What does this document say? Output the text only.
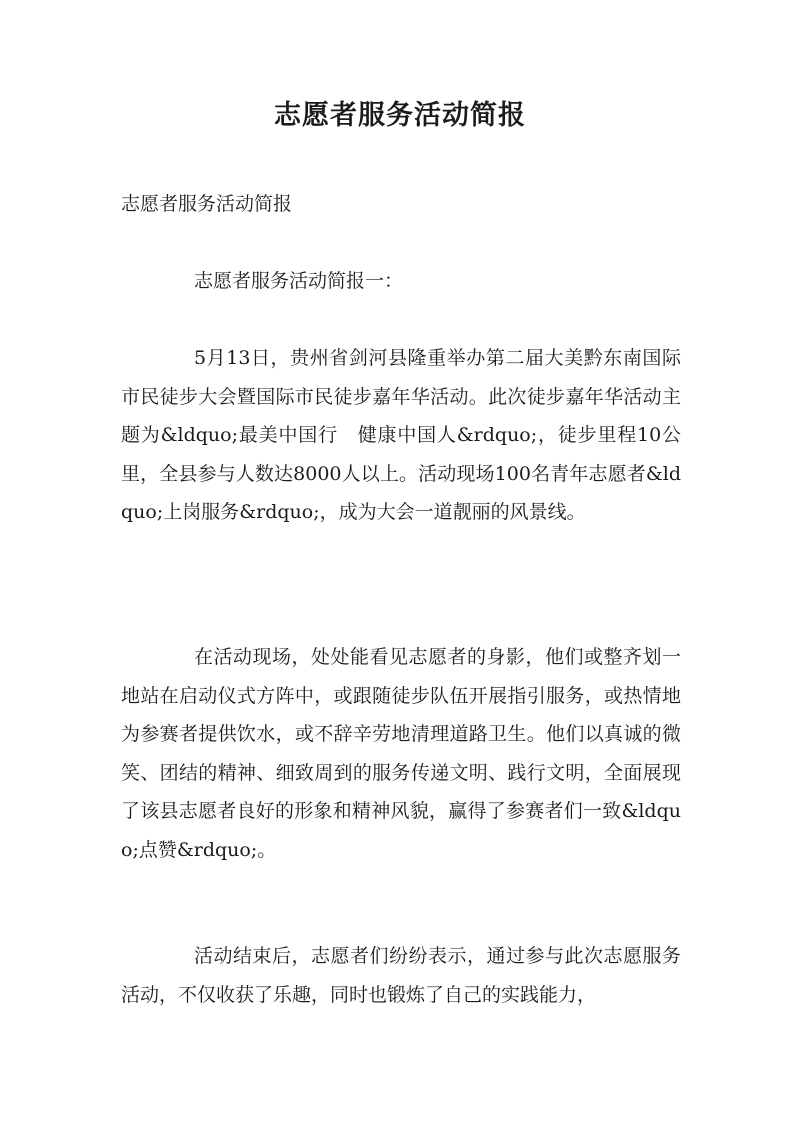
志愿者服务活动简报

志愿者服务活动简报

志愿者服务活动简报一：

5月13日，贵州省剑河县隆重举办第二届大美黔东南国际市民徒步大会暨国际市民徒步嘉年华活动。此次徒步嘉年华活动主题为&ldquo;最美中国行　健康中国人&rdquo;，徒步里程10公里，全县参与人数达8000人以上。活动现场100名青年志愿者&ldquo;上岗服务&rdquo;，成为大会一道靓丽的风景线。

在活动现场，处处能看见志愿者的身影，他们或整齐划一地站在启动仪式方阵中，或跟随徒步队伍开展指引服务，或热情地为参赛者提供饮水，或不辞辛劳地清理道路卫生。他们以真诚的微笑、团结的精神、细致周到的服务传递文明、践行文明，全面展现了该县志愿者良好的形象和精神风貌，赢得了参赛者们一致&ldquo;点赞&rdquo;。

活动结束后，志愿者们纷纷表示，通过参与此次志愿服务活动，不仅收获了乐趣，同时也锻炼了自己的实践能力，
